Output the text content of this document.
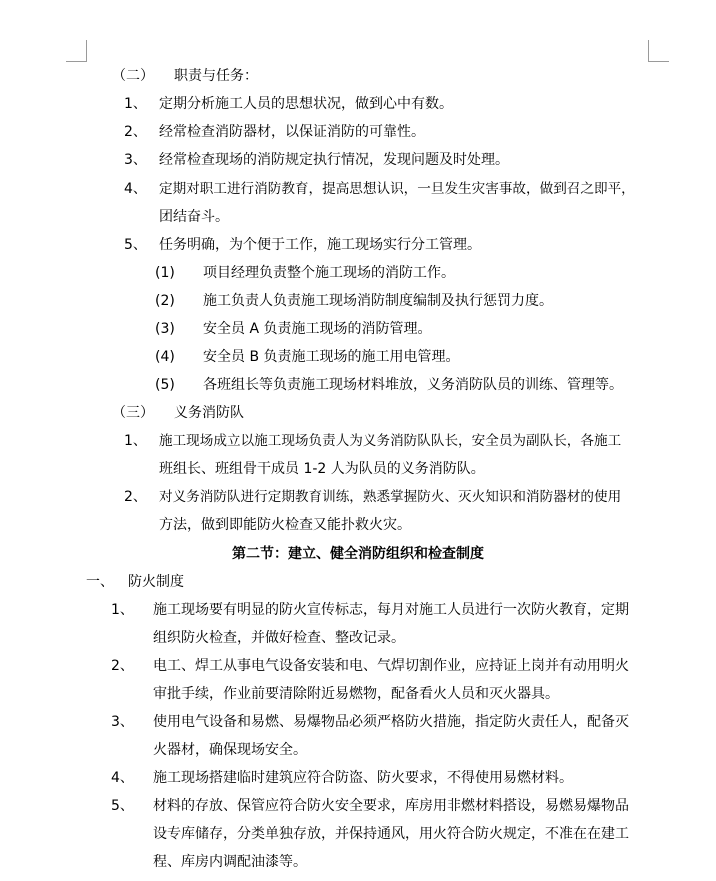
（二） 职责与任务：
1、 定期分析施工人员的思想状况，做到心中有数。
2、 经常检查消防器材，以保证消防的可靠性。
3、 经常检查现场的消防规定执行情况，发现问题及时处理。
4、 定期对职工进行消防教育，提高思想认识，一旦发生灾害事故，做到召之即平，
团结奋斗。
5、 任务明确，为个便于工作，施工现场实行分工管理。
(1) 项目经理负责整个施工现场的消防工作。
(2) 施工负责人负责施工现场消防制度编制及执行惩罚力度。
(3) 安全员 A 负责施工现场的消防管理。
(4) 安全员 B 负责施工现场的施工用电管理。
(5) 各班组长等负责施工现场材料堆放，义务消防队员的训练、管理等。
（三） 义务消防队
1、 施工现场成立以施工现场负责人为义务消防队队长，安全员为副队长，各施工
班组长、班组骨干成员 1-2 人为队员的义务消防队。
2、 对义务消防队进行定期教育训练，熟悉掌握防火、灭火知识和消防器材的使用
方法，做到即能防火检查又能扑救火灾。
第二节：建立、健全消防组织和检查制度
一、 防火制度
1、 施工现场要有明显的防火宣传标志，每月对施工人员进行一次防火教育，定期
组织防火检查，并做好检查、整改记录。
2、 电工、焊工从事电气设备安装和电、气焊切割作业，应持证上岗并有动用明火
审批手续，作业前要清除附近易燃物，配备看火人员和灭火器具。
3、 使用电气设备和易燃、易爆物品必须严格防火措施，指定防火责任人，配备灭
火器材，确保现场安全。
4、 施工现场搭建临时建筑应符合防盗、防火要求，不得使用易燃材料。
5、 材料的存放、保管应符合防火安全要求，库房用非燃材料搭设，易燃易爆物品
设专库储存，分类单独存放，并保持通风，用火符合防火规定，不准在在建工
程、库房内调配油漆等。
